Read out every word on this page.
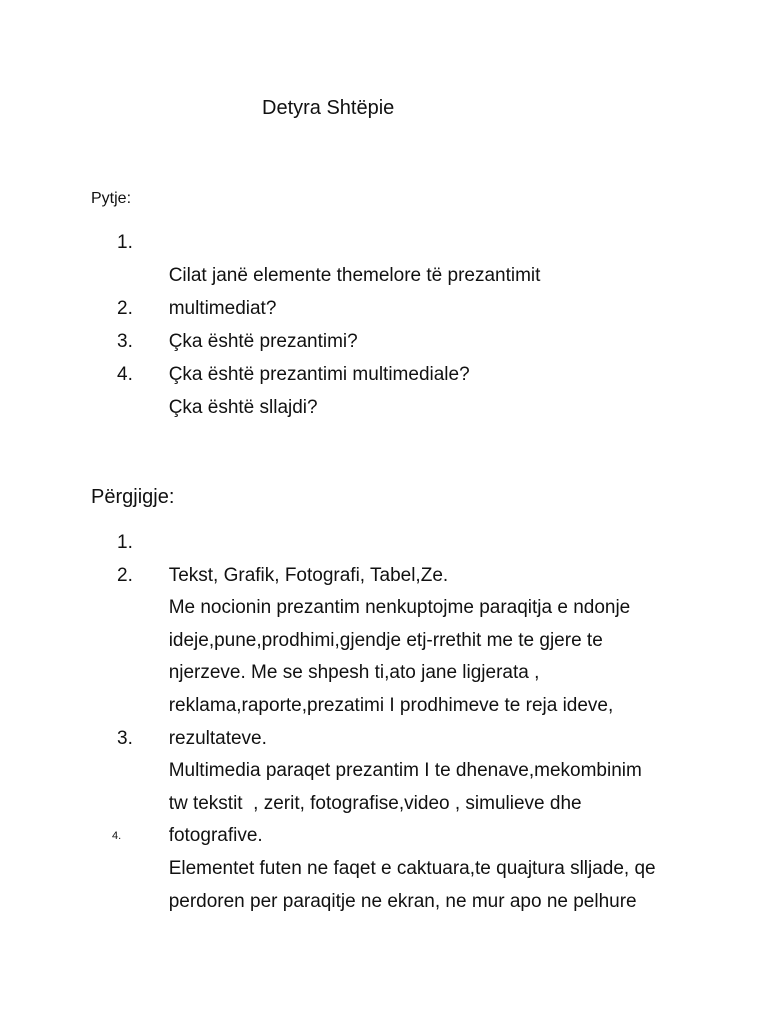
Detyra Shtëpie
Pytje:

1.
Cilat janë elemente themelore të prezantimit

multimediat?

2.
Çka është prezantimi?

3.
Çka është prezantimi multimediale?

4.
Çka është sllajdi?

Përgjigje:

1.
Tekst, Grafik, Fotografi, Tabel,Ze.

2.
Me nocionin prezantim nenkuptojme paraqitja e ndonje

ideje,pune,prodhimi,gjendje etj-rrethit me te gjere te

njerzeve. Me se shpesh ti,ato jane ligjerata ,

reklama,raporte,prezatimi I prodhimeve te reja ideve,

rezultateve.

3.
Multimedia paraqet prezantim I te dhenave,mekombinim

tw tekstit  , zerit, fotografise,video , simulieve dhe

fotografive.

4.
Elementet futen ne faqet e caktuara,te quajtura slljade, qe

perdoren per paraqitje ne ekran, ne mur apo ne pelhure
